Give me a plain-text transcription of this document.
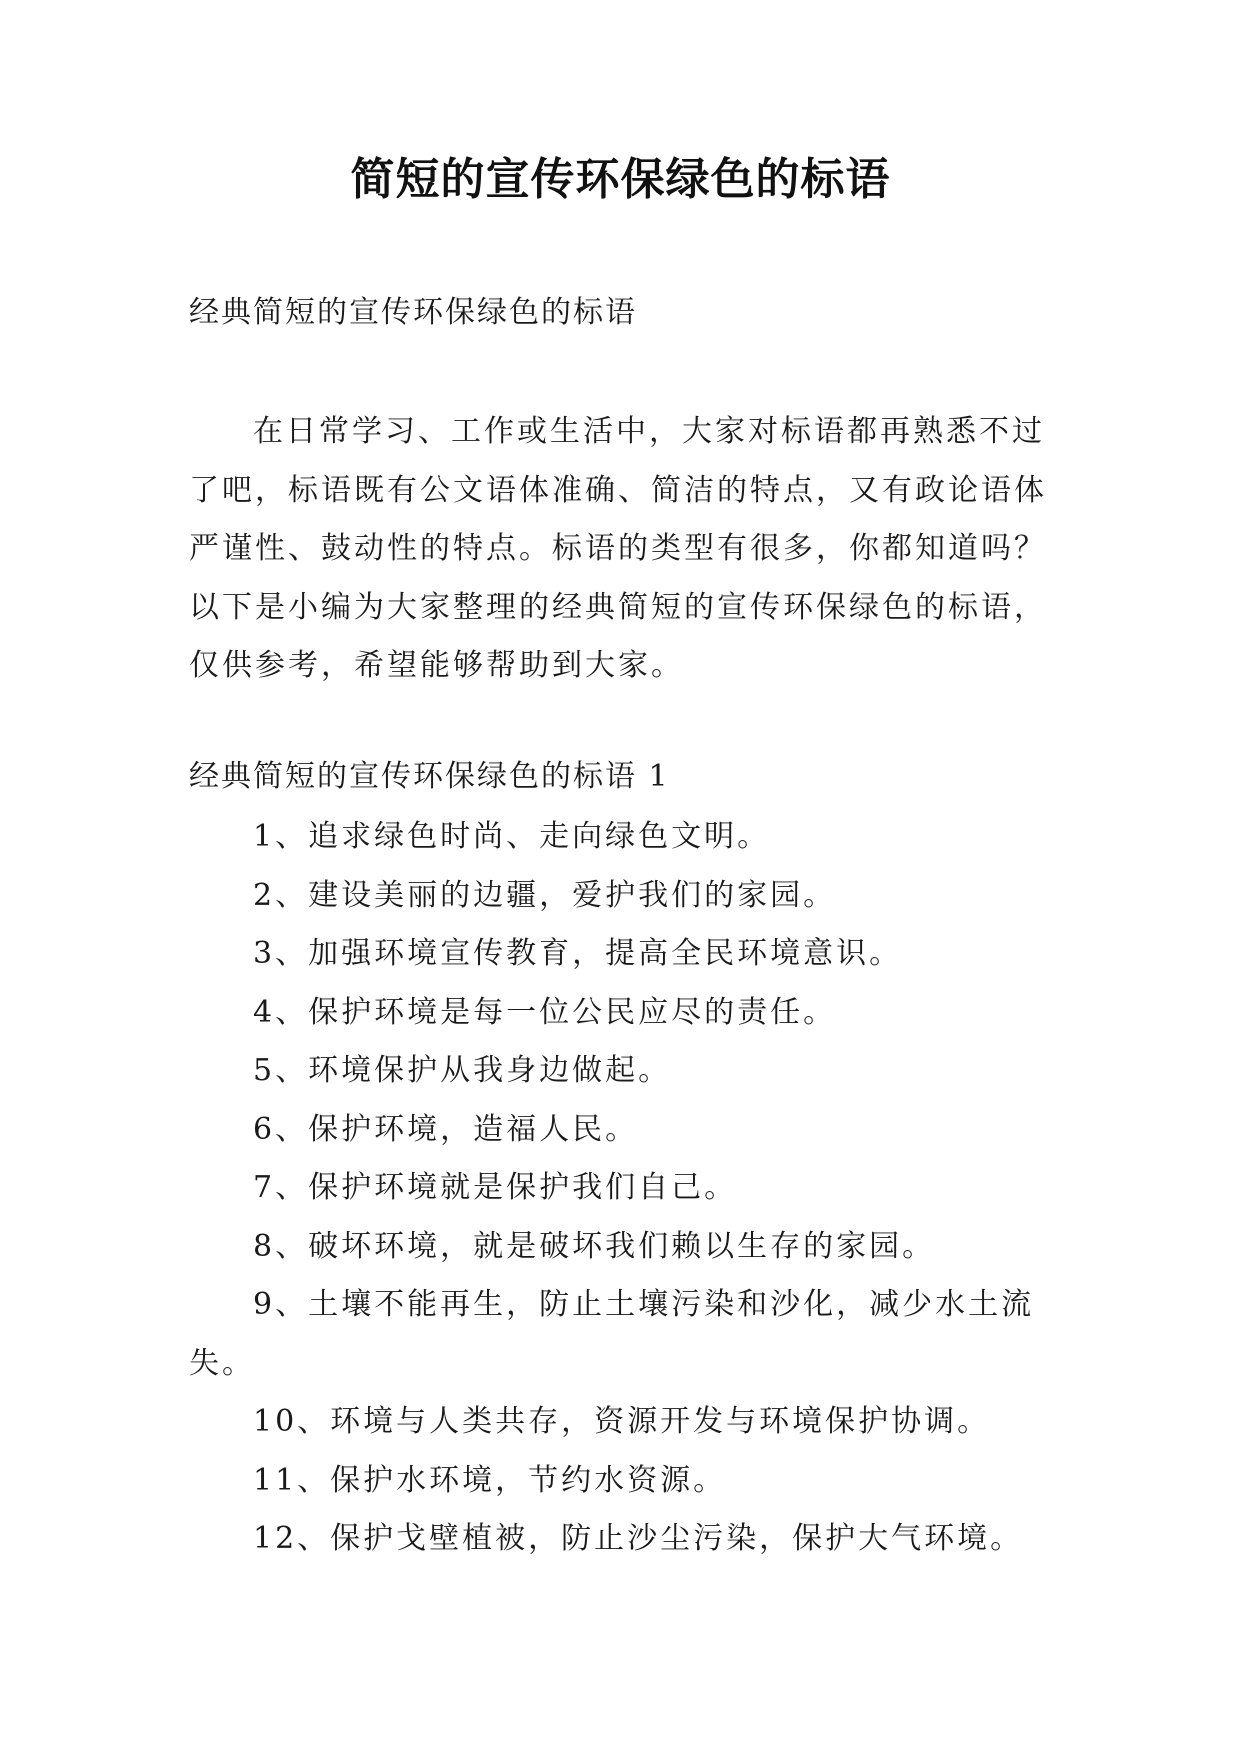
简短的宣传环保绿色的标语
经典简短的宣传环保绿色的标语

在日常学习、工作或生活中，大家对标语都再熟悉不过了吧，标语既有公文语体准确、简洁的特点，又有政论语体严谨性、鼓动性的特点。标语的类型有很多，你都知道吗？以下是小编为大家整理的经典简短的宣传环保绿色的标语，仅供参考，希望能够帮助到大家。

经典简短的宣传环保绿色的标语 1
1、追求绿色时尚、走向绿色文明。
2、建设美丽的边疆，爱护我们的家园。
3、加强环境宣传教育，提高全民环境意识。
4、保护环境是每一位公民应尽的责任。
5、环境保护从我身边做起。
6、保护环境，造福人民。
7、保护环境就是保护我们自己。
8、破坏环境，就是破坏我们赖以生存的家园。
9、土壤不能再生，防止土壤污染和沙化，减少水土流失。
10、环境与人类共存，资源开发与环境保护协调。
11、保护水环境，节约水资源。
12、保护戈壁植被，防止沙尘污染，保护大气环境。
